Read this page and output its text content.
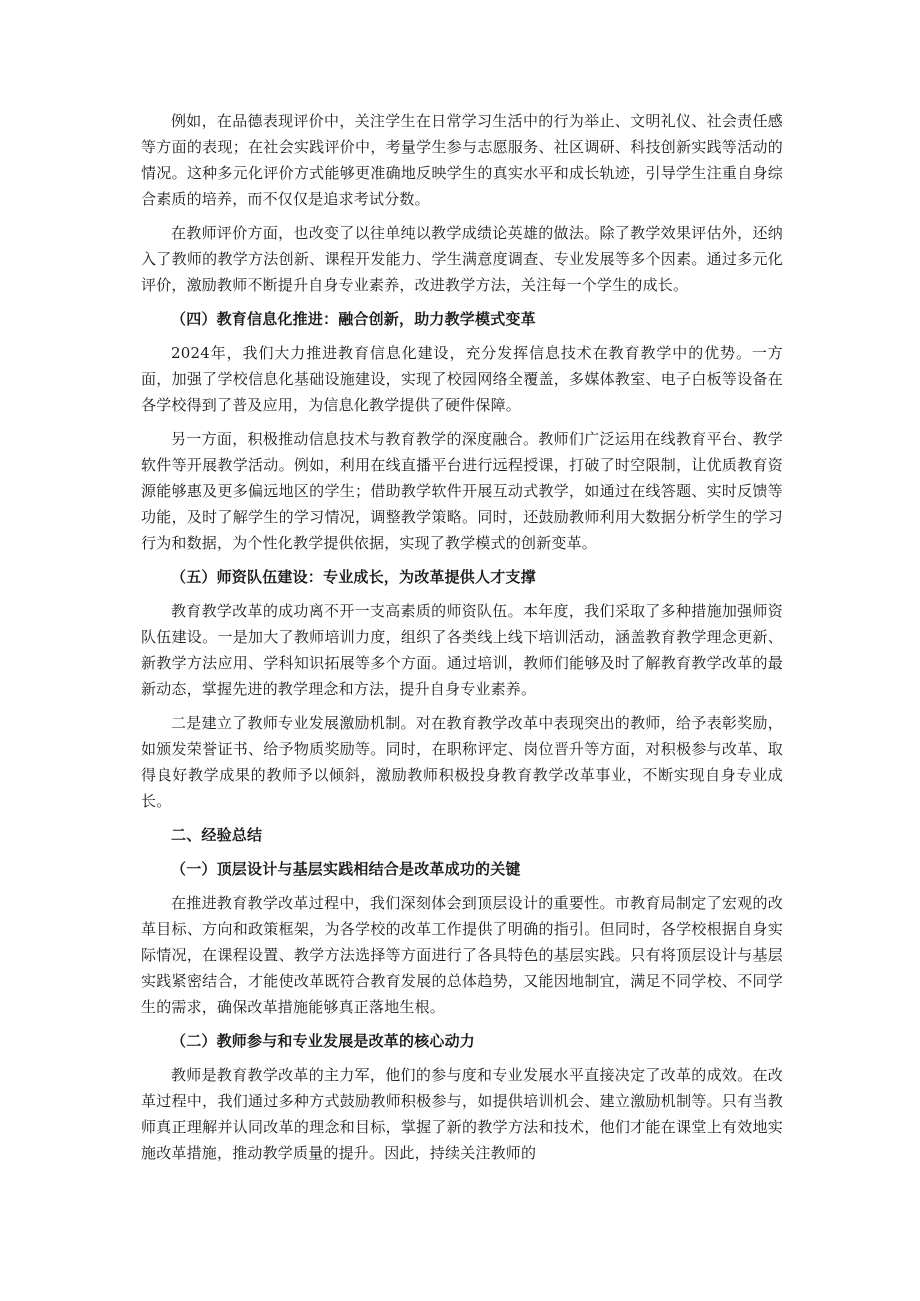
例如，在品德表现评价中，关注学生在日常学习生活中的行为举止、文明礼仪、社会责任感等方面的表现；在社会实践评价中，考量学生参与志愿服务、社区调研、科技创新实践等活动的情况。这种多元化评价方式能够更准确地反映学生的真实水平和成长轨迹，引导学生注重自身综合素质的培养，而不仅仅是追求考试分数。

在教师评价方面，也改变了以往单纯以教学成绩论英雄的做法。除了教学效果评估外，还纳入了教师的教学方法创新、课程开发能力、学生满意度调查、专业发展等多个因素。通过多元化评价，激励教师不断提升自身专业素养，改进教学方法，关注每一个学生的成长。

（四）教育信息化推进：融合创新，助力教学模式变革

2024年，我们大力推进教育信息化建设，充分发挥信息技术在教育教学中的优势。一方面，加强了学校信息化基础设施建设，实现了校园网络全覆盖，多媒体教室、电子白板等设备在各学校得到了普及应用，为信息化教学提供了硬件保障。

另一方面，积极推动信息技术与教育教学的深度融合。教师们广泛运用在线教育平台、教学软件等开展教学活动。例如，利用在线直播平台进行远程授课，打破了时空限制，让优质教育资源能够惠及更多偏远地区的学生；借助教学软件开展互动式教学，如通过在线答题、实时反馈等功能，及时了解学生的学习情况，调整教学策略。同时，还鼓励教师利用大数据分析学生的学习行为和数据，为个性化教学提供依据，实现了教学模式的创新变革。

（五）师资队伍建设：专业成长，为改革提供人才支撑

教育教学改革的成功离不开一支高素质的师资队伍。本年度，我们采取了多种措施加强师资队伍建设。一是加大了教师培训力度，组织了各类线上线下培训活动，涵盖教育教学理念更新、新教学方法应用、学科知识拓展等多个方面。通过培训，教师们能够及时了解教育教学改革的最新动态，掌握先进的教学理念和方法，提升自身专业素养。

二是建立了教师专业发展激励机制。对在教育教学改革中表现突出的教师，给予表彰奖励，如颁发荣誉证书、给予物质奖励等。同时，在职称评定、岗位晋升等方面，对积极参与改革、取得良好教学成果的教师予以倾斜，激励教师积极投身教育教学改革事业，不断实现自身专业成长。

二、经验总结

（一）顶层设计与基层实践相结合是改革成功的关键

在推进教育教学改革过程中，我们深刻体会到顶层设计的重要性。市教育局制定了宏观的改革目标、方向和政策框架，为各学校的改革工作提供了明确的指引。但同时，各学校根据自身实际情况，在课程设置、教学方法选择等方面进行了各具特色的基层实践。只有将顶层设计与基层实践紧密结合，才能使改革既符合教育发展的总体趋势，又能因地制宜，满足不同学校、不同学生的需求，确保改革措施能够真正落地生根。

（二）教师参与和专业发展是改革的核心动力

教师是教育教学改革的主力军，他们的参与度和专业发展水平直接决定了改革的成效。在改革过程中，我们通过多种方式鼓励教师积极参与，如提供培训机会、建立激励机制等。只有当教师真正理解并认同改革的理念和目标，掌握了新的教学方法和技术，他们才能在课堂上有效地实施改革措施，推动教学质量的提升。因此，持续关注教师的
